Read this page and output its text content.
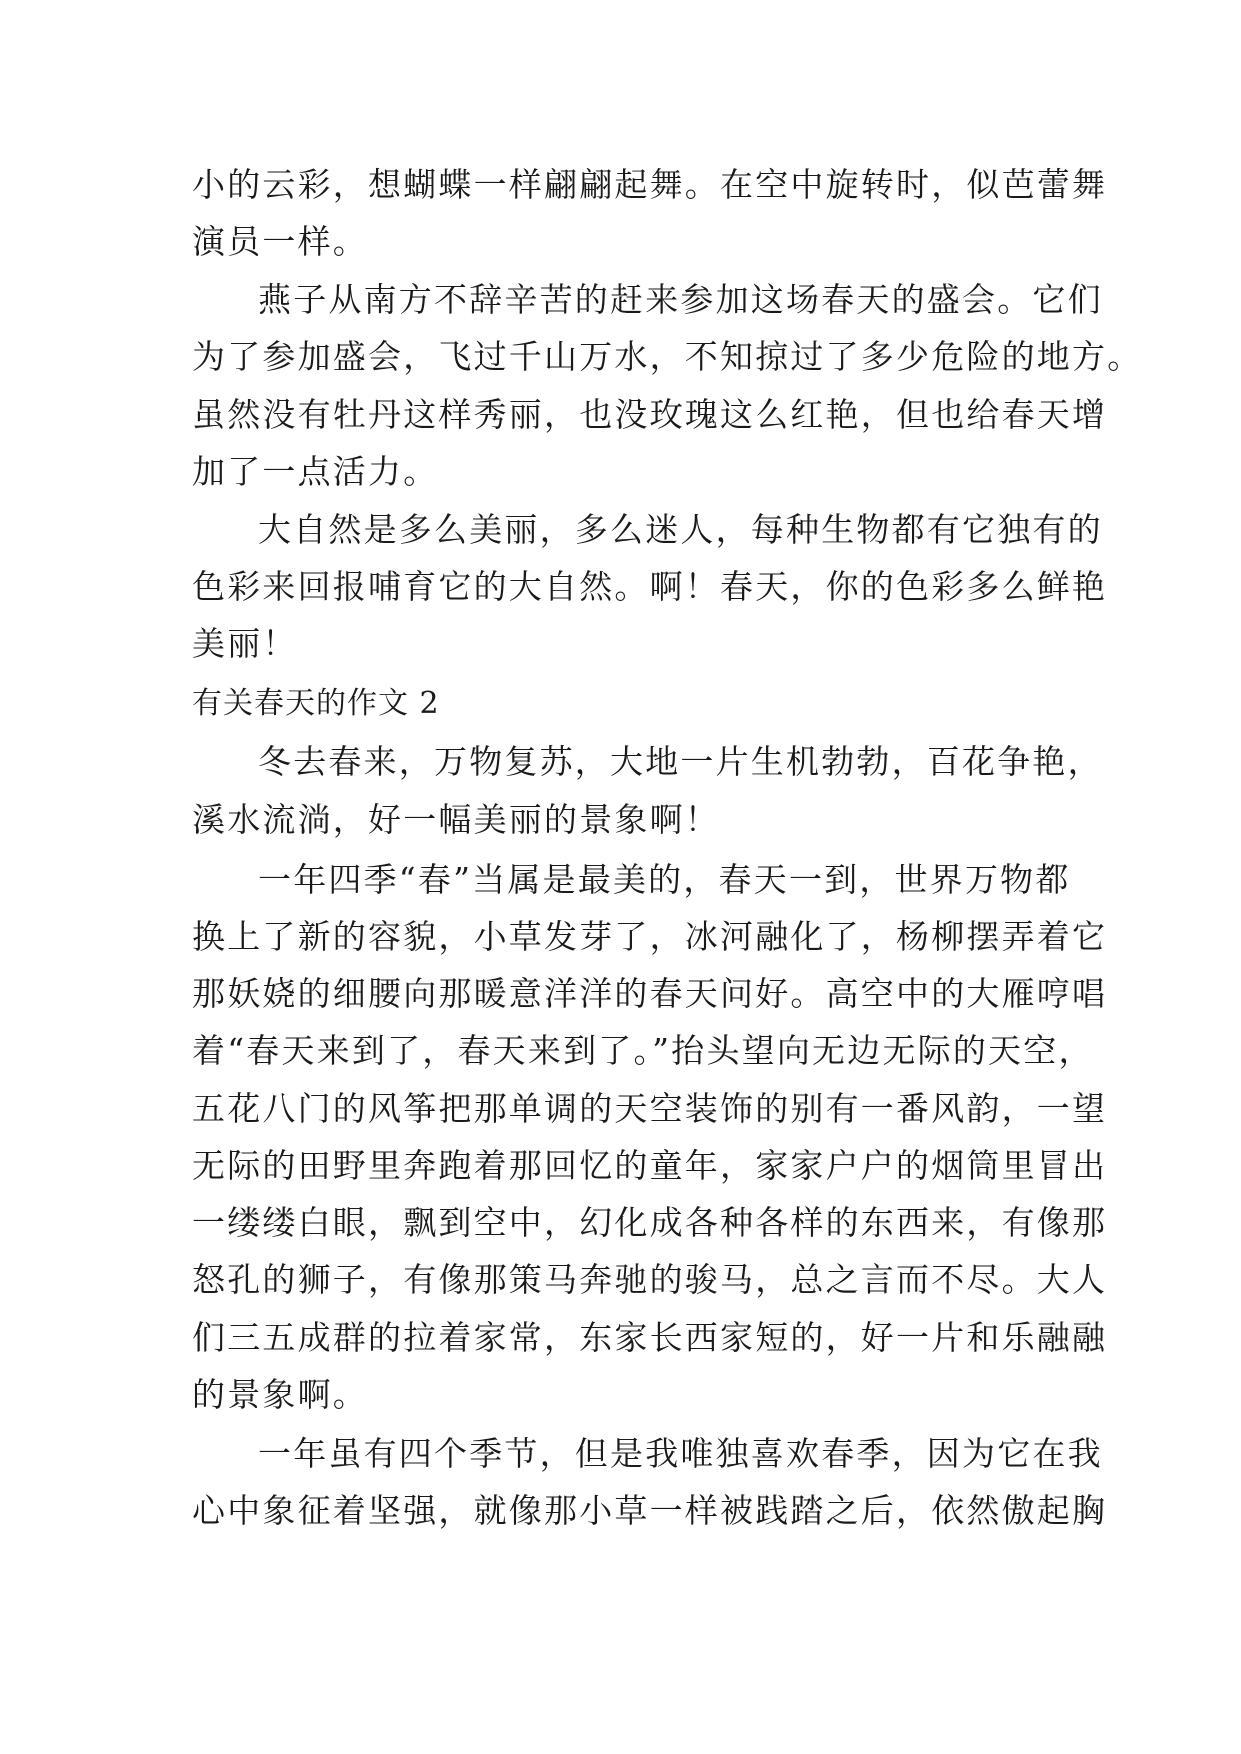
小的云彩，想蝴蝶一样翩翩起舞。在空中旋转时，似芭蕾舞
演员一样。
燕子从南方不辞辛苦的赶来参加这场春天的盛会。它们
为了参加盛会，飞过千山万水，不知掠过了多少危险的地方。
虽然没有牡丹这样秀丽，也没玫瑰这么红艳，但也给春天增
加了一点活力。
大自然是多么美丽，多么迷人，每种生物都有它独有的
色彩来回报哺育它的大自然。啊！春天，你的色彩多么鲜艳
美丽！
有关春天的作文 2
冬去春来，万物复苏，大地一片生机勃勃，百花争艳，
溪水流淌，好一幅美丽的景象啊！
一年四季“春”当属是最美的，春天一到，世界万物都
换上了新的容貌，小草发芽了，冰河融化了，杨柳摆弄着它
那妖娆的细腰向那暖意洋洋的春天问好。高空中的大雁哼唱
着“春天来到了，春天来到了。”抬头望向无边无际的天空，
五花八门的风筝把那单调的天空装饰的别有一番风韵，一望
无际的田野里奔跑着那回忆的童年，家家户户的烟筒里冒出
一缕缕白眼，飘到空中，幻化成各种各样的东西来，有像那
怒孔的狮子，有像那策马奔驰的骏马，总之言而不尽。大人
们三五成群的拉着家常，东家长西家短的，好一片和乐融融
的景象啊。
一年虽有四个季节，但是我唯独喜欢春季，因为它在我
心中象征着坚强，就像那小草一样被践踏之后，依然傲起胸
